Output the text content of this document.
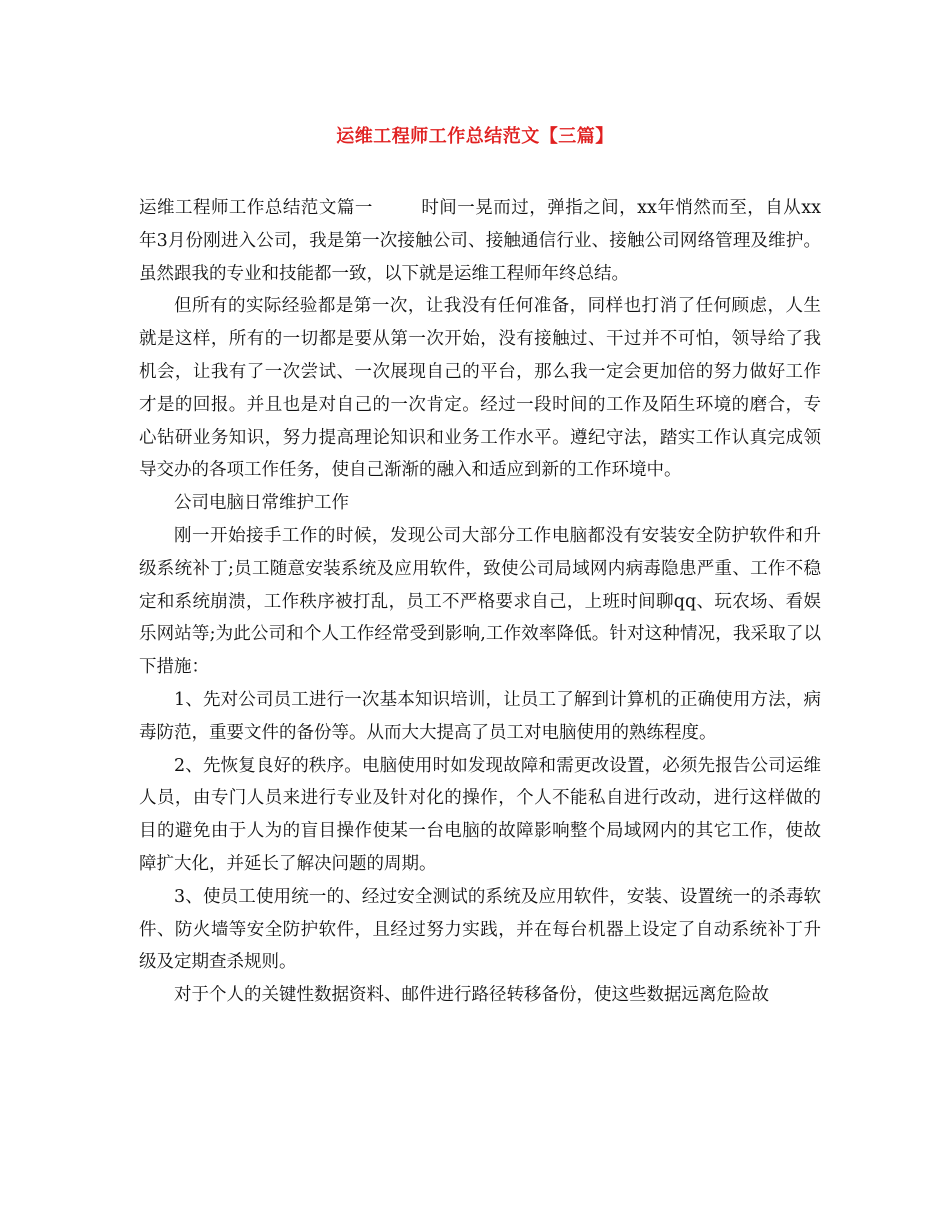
运维工程师工作总结范文【三篇】

运维工程师工作总结范文篇一	时间一晃而过，弹指之间，xx年悄然而至，自从xx年3月份刚进入公司，我是第一次接触公司、接触通信行业、接触公司网络管理及维护。虽然跟我的专业和技能都一致，以下就是运维工程师年终总结。

但所有的实际经验都是第一次，让我没有任何准备，同样也打消了任何顾虑，人生就是这样，所有的一切都是要从第一次开始，没有接触过、干过并不可怕，领导给了我机会，让我有了一次尝试、一次展现自己的平台，那么我一定会更加倍的努力做好工作才是的回报。并且也是对自己的一次肯定。经过一段时间的工作及陌生环境的磨合，专心钻研业务知识，努力提高理论知识和业务工作水平。遵纪守法，踏实工作认真完成领导交办的各项工作任务，使自己渐渐的融入和适应到新的工作环境中。

公司电脑日常维护工作

刚一开始接手工作的时候，发现公司大部分工作电脑都没有安装安全防护软件和升级系统补丁;员工随意安装系统及应用软件，致使公司局域网内病毒隐患严重、工作不稳定和系统崩溃，工作秩序被打乱，员工不严格要求自己，上班时间聊qq、玩农场、看娱乐网站等;为此公司和个人工作经常受到影响,工作效率降低。针对这种情况，我采取了以下措施：

1、先对公司员工进行一次基本知识培训，让员工了解到计算机的正确使用方法，病毒防范，重要文件的备份等。从而大大提高了员工对电脑使用的熟练程度。

2、先恢复良好的秩序。电脑使用时如发现故障和需更改设置，必须先报告公司运维人员，由专门人员来进行专业及针对化的操作，个人不能私自进行改动，进行这样做的目的避免由于人为的盲目操作使某一台电脑的故障影响整个局域网内的其它工作，使故障扩大化，并延长了解决问题的周期。

3、使员工使用统一的、经过安全测试的系统及应用软件，安装、设置统一的杀毒软件、防火墙等安全防护软件，且经过努力实践，并在每台机器上设定了自动系统补丁升级及定期查杀规则。

对于个人的关键性数据资料、邮件进行路径转移备份，使这些数据远离危险故
